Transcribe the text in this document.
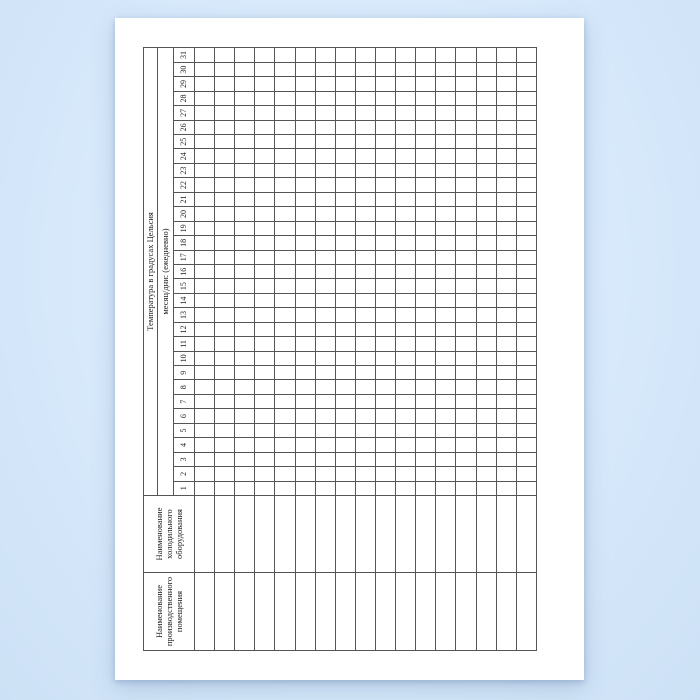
Наименование производственного помещения	Наименование холодильного оборудования	Температура в градусах Цельсия																														
		месяц/дни: (ежедневно)																														
		1	2	3	4	5	6	7	8	9	10	11	12	13	14	15	16	17	18	19	20	21	22	23	24	25	26	27	28	29	30	31
